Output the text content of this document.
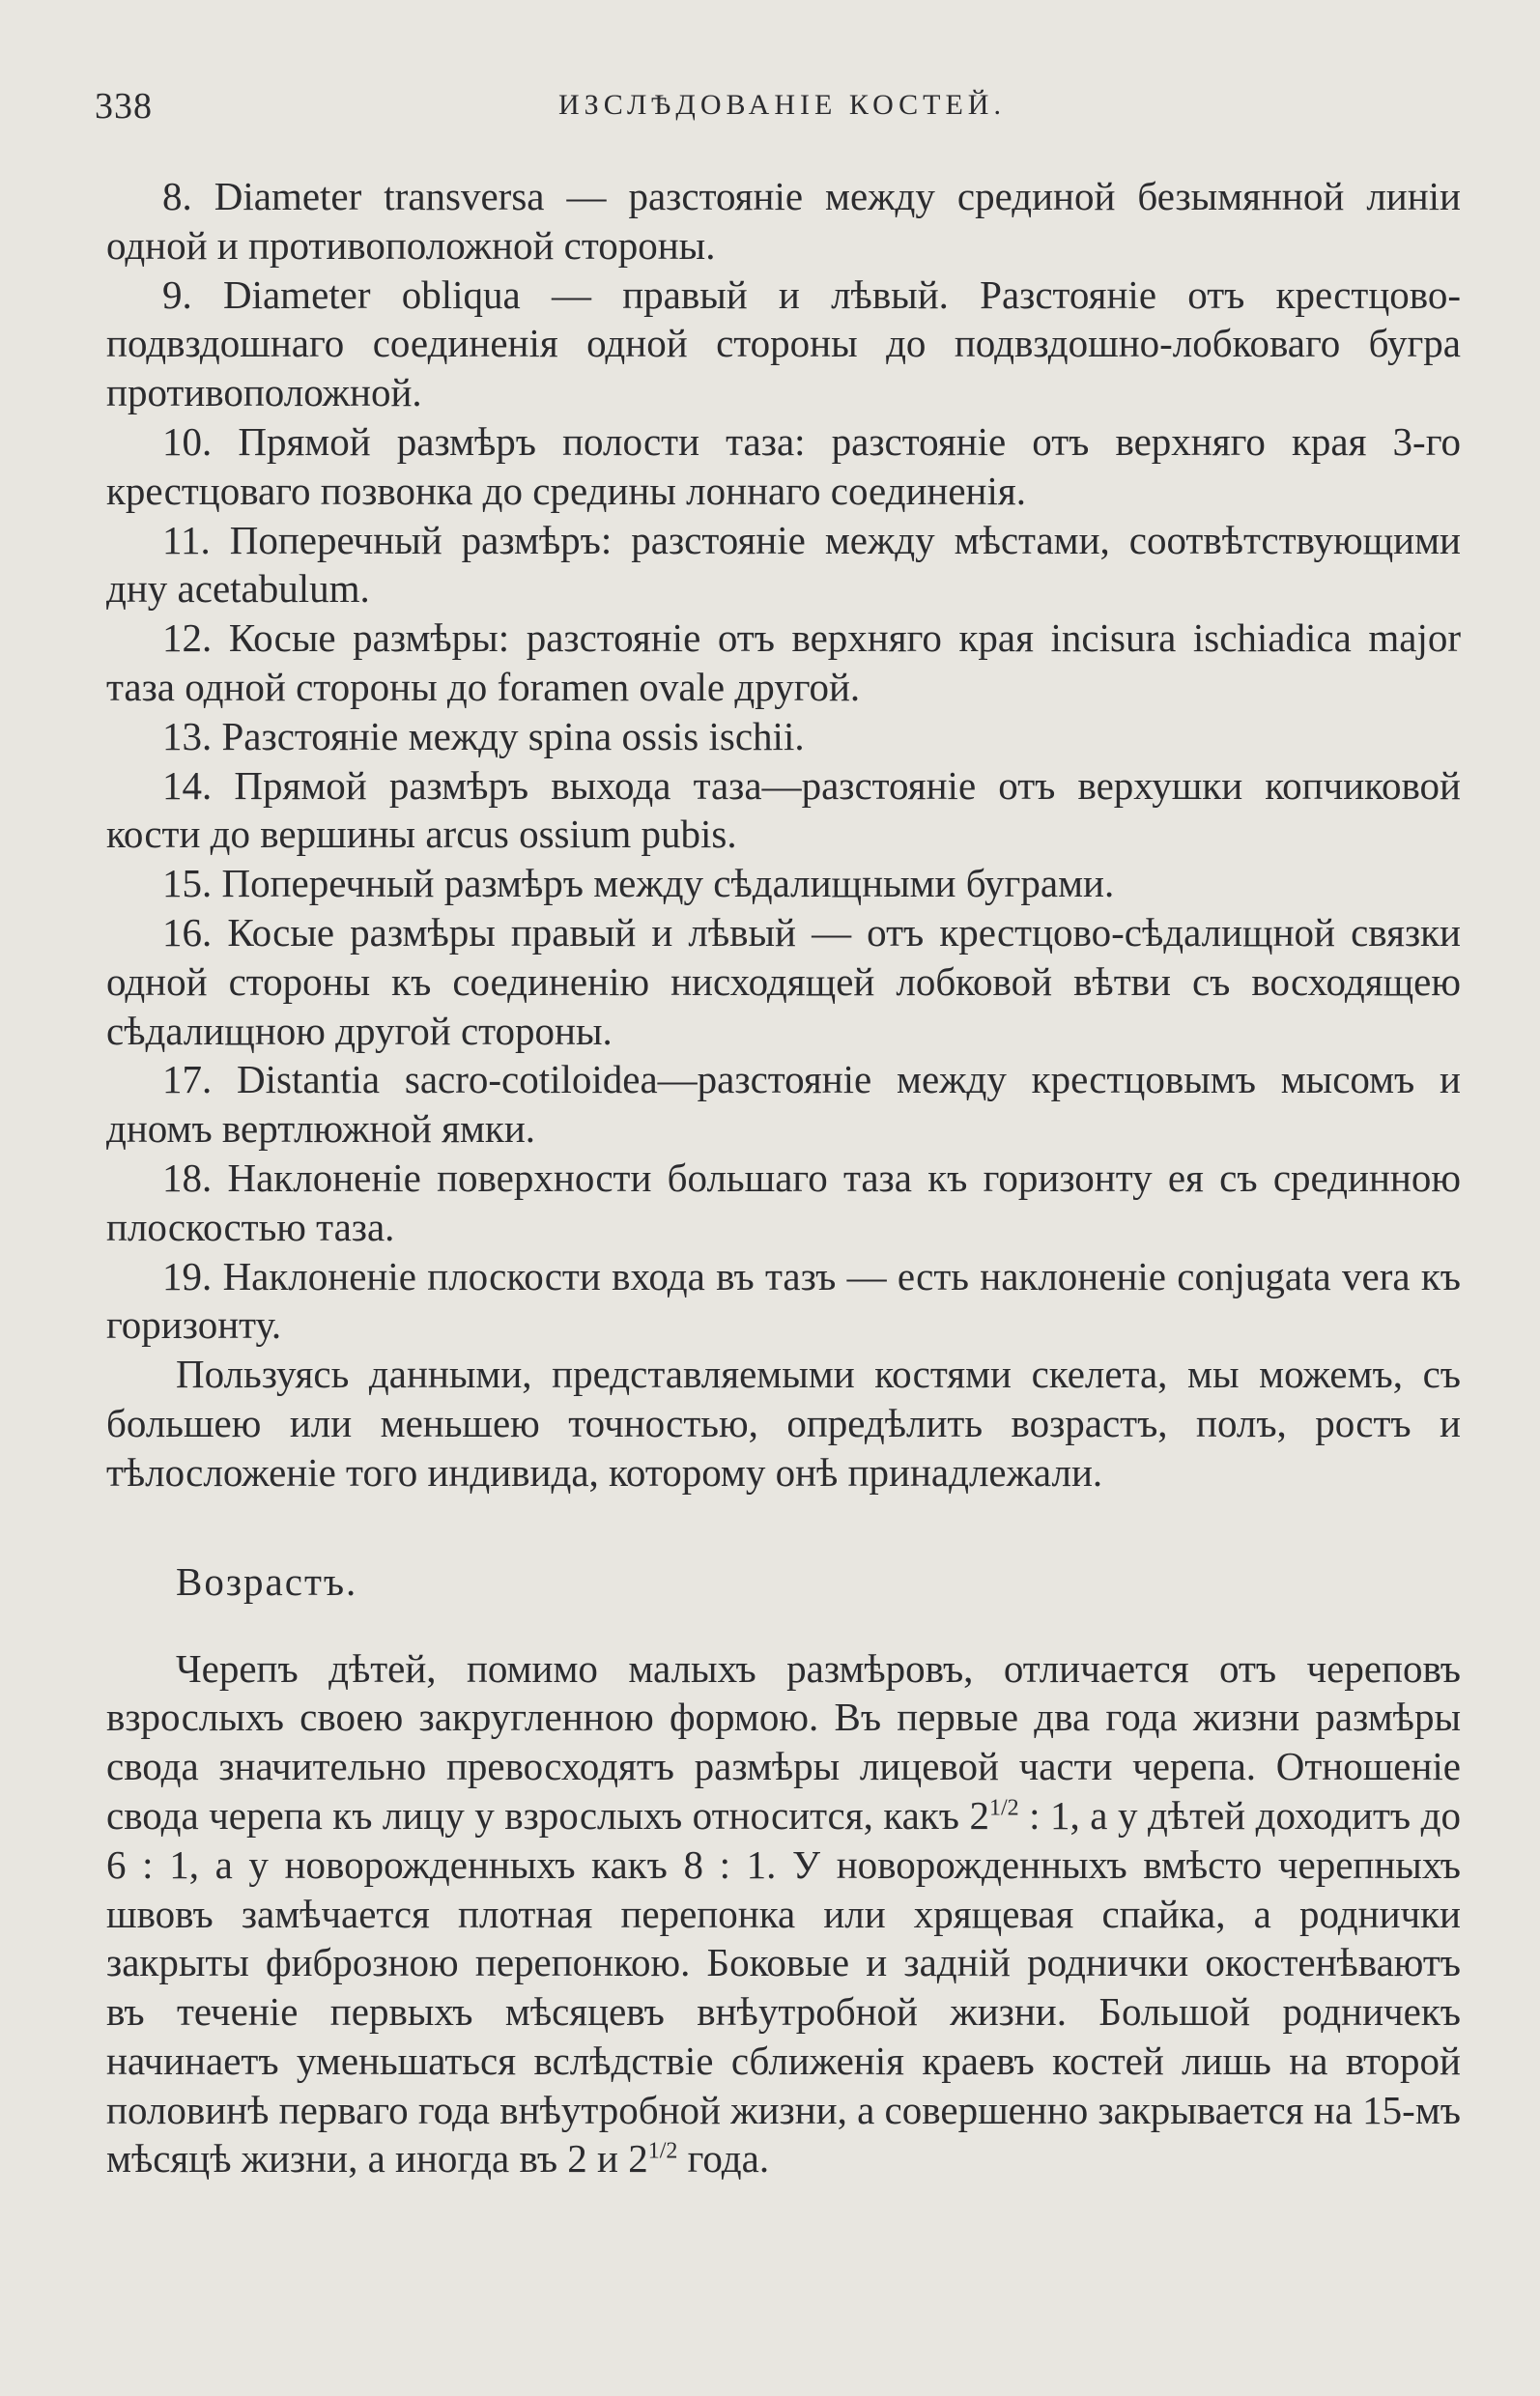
338	ИЗСЛѢДОВАНІЕ КОСТЕЙ.

8. Diameter transversa — разстояніе между срединой безымянной линіи одной и противоположной стороны.

9. Diameter obliqua — правый и лѣвый. Разстояніе отъ крестцово-подвздошнаго соединенія одной стороны до подвздошно-лобковаго бугра противоположной.

10. Прямой размѣръ полости таза: разстояніе отъ верхняго края 3-го крестцоваго позвонка до средины лоннаго соединенія.

11. Поперечный размѣръ: разстояніе между мѣстами, соотвѣтствующими дну acetabulum.

12. Косые размѣры: разстояніе отъ верхняго края incisura ischiadica major таза одной стороны до foramen ovale другой.

13. Разстояніе между spina ossis ischii.

14. Прямой размѣръ выхода таза—разстояніе отъ верхушки копчиковой кости до вершины arcus ossium pubis.

15. Поперечный размѣръ между сѣдалищными буграми.

16. Косые размѣры правый и лѣвый — отъ крестцово-сѣдалищной связки одной стороны къ соединенію нисходящей лобковой вѣтви съ восходящею сѣдалищною другой стороны.

17. Distantia sacro-cotiloidea—разстояніе между крестцовымъ мысомъ и дномъ вертлюжной ямки.

18. Наклоненіе поверхности большаго таза къ горизонту ея съ срединною плоскостью таза.

19. Наклоненіе плоскости входа въ тазъ — есть наклоненіе conjugata vera къ горизонту.

Пользуясь данными, представляемыми костями скелета, мы можемъ, съ большею или меньшею точностью, опредѣлить возрастъ, полъ, ростъ и тѣлосложеніе того индивида, которому онѣ принадлежали.

Возрастъ.

Черепъ дѣтей, помимо малыхъ размѣровъ, отличается отъ череповъ взрослыхъ своею закругленною формою. Въ первые два года жизни размѣры свода значительно превосходятъ размѣры лицевой части черепа. Отношеніе свода черепа къ лицу у взрослыхъ относится, какъ $2^{1/2}$ : 1, а у дѣтей доходитъ до 6 : 1, а у новорожденныхъ какъ 8 : 1. У новорожденныхъ вмѣсто черепныхъ швовъ замѣчается плотная перепонка или хрящевая спайка, а роднички закрыты фиброзною перепонкою. Боковые и задній роднички окостенѣваютъ въ теченіе первыхъ мѣсяцевъ внѣутробной жизни. Большой родничекъ начинаетъ уменьшаться вслѣдствіе сближенія краевъ костей лишь на второй половинѣ перваго года внѣутробной жизни, а совершенно закрывается на 15-мъ мѣсяцѣ жизни, а иногда въ 2 и $2^{1/2}$ года.
